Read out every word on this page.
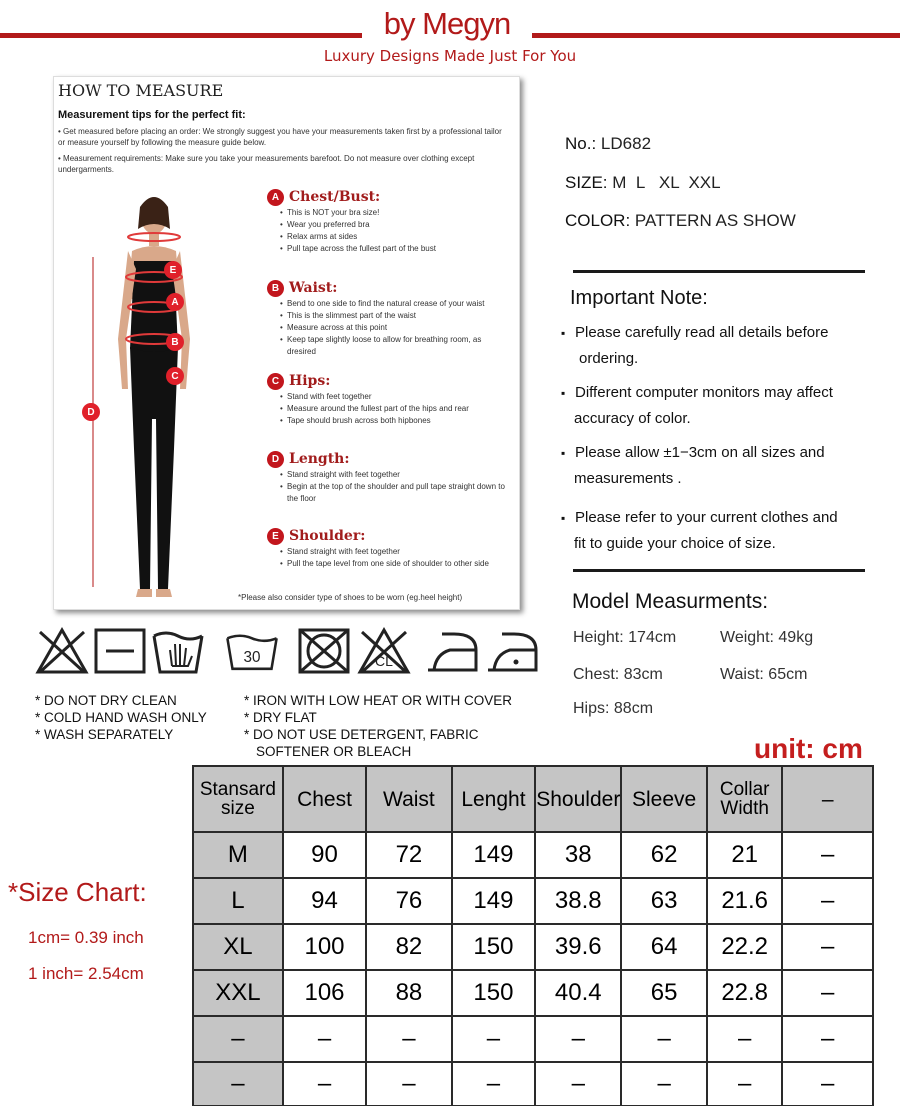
by Megyn
Luxury Designs Made Just For You
HOW TO MEASURE
Measurement tips for the perfect fit:
• Get measured before placing an order: We strongly suggest you have your measurements taken first by a professional tailor or measure yourself by following the measure guide below.
• Measurement requirements: Make sure you take your measurements barefoot. Do not measure over clothing except undergarments.
E
A
B
C
D
A Chest/Bust:
• This is NOT your bra size!
• Wear you preferred bra
• Relax arms at sides
• Pull tape across the fullest part of the bust
B Waist:
• Bend to one side to find the natural crease of your waist
• This is the slimmest part of the waist
• Measure across at this point
• Keep tape slightly loose to allow for breathing room, as dresired
C Hips:
• Stand with feet together
• Measure around the fullest part of the hips and rear
• Tape should brush across both hipbones
D Length:
• Stand straight with feet together
• Begin at the top of the shoulder and pull tape straight down to the floor
E Shoulder:
• Stand straight with feet together
• Pull the tape level from one side of shoulder to other side
*Please also consider type of shoes to be worn (eg.heel height)
No.: LD682
SIZE: M  L   XL  XXL
COLOR: PATTERN AS SHOW
Important Note:
▪ Please carefully read all details before
ordering.
▪ Different computer monitors may affect
accuracy of color.
▪ Please allow ±1−3cm on all sizes and
measurements .
▪ Please refer to your current clothes and
fit to guide your choice of size.
Model Measurments:
Height: 174cm	Weight: 49kg
Chest: 83cm	Waist: 65cm
Hips: 88cm
30	CL
* DO NOT DRY CLEAN
* COLD HAND WASH ONLY
* WASH SEPARATELY
* IRON WITH LOW HEAT OR WITH COVER
* DRY FLAT
* DO NOT USE DETERGENT, FABRIC
SOFTENER OR BLEACH	unit: cm
*Size Chart:
1cm= 0.39 inch
1 inch= 2.54cm
Stansard size	Chest	Waist	Lenght	Shoulder	Sleeve	Collar Width	–
M	90	72	149	38	62	21	–
L	94	76	149	38.8	63	21.6	–
XL	100	82	150	39.6	64	22.2	–
XXL	106	88	150	40.4	65	22.8	–
–	–	–	–	–	–	–	–
–	–	–	–	–	–	–	–
